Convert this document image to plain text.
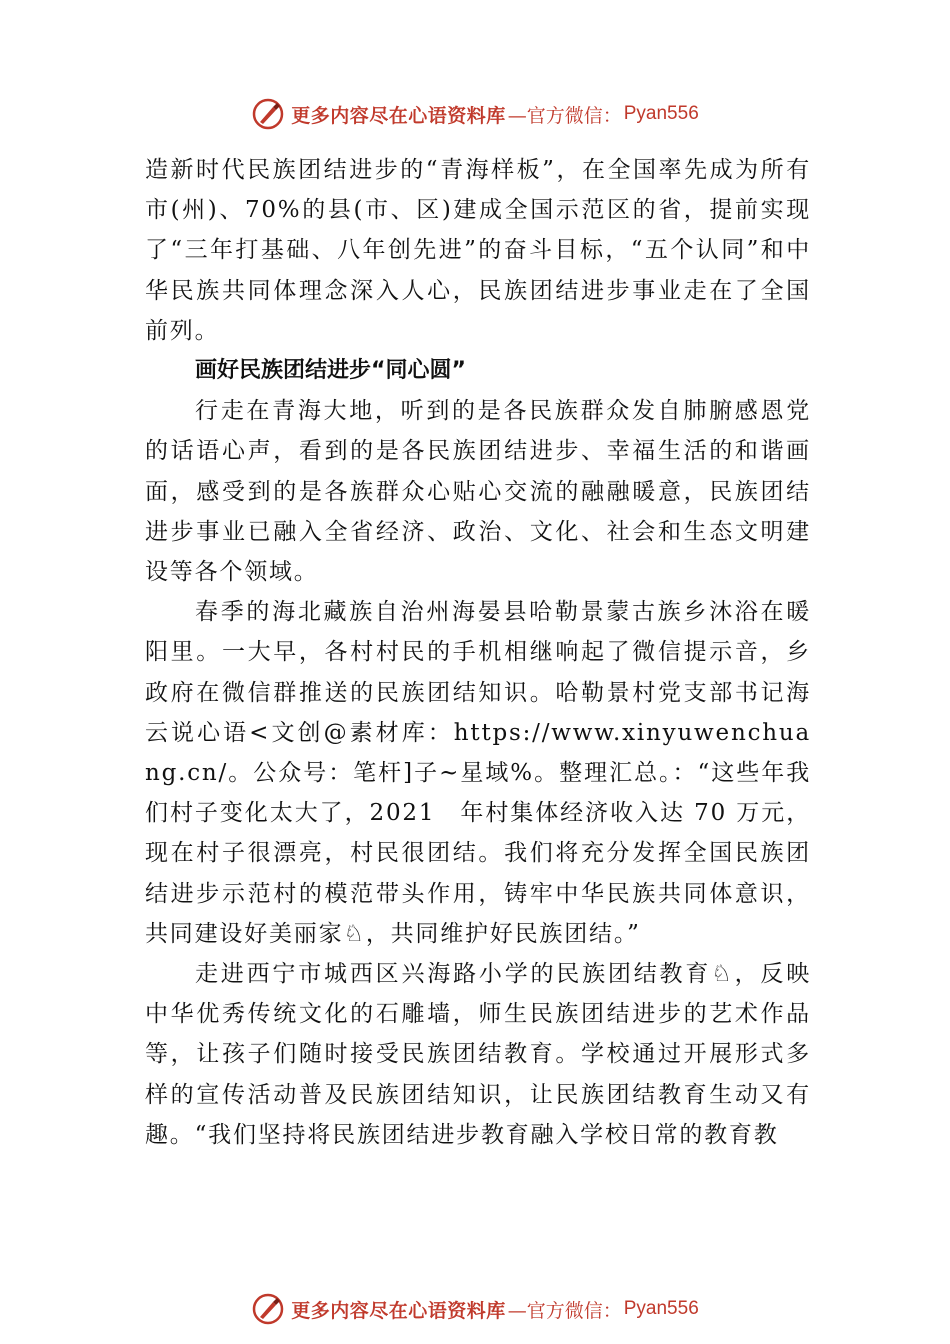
更多内容尽在心语资料库 —官方微信： Pyan556

造新时代民族团结进步的“青海样板”，在全国率先成为所有市(州)、70%的县(市、区)建成全国示范区的省，提前实现了“三年打基础、八年创先进”的奋斗目标，“五个认同”和中华民族共同体理念深入人心，民族团结进步事业走在了全国前列。

画好民族团结进步“同心圆”

行走在青海大地，听到的是各民族群众发自肺腑感恩党的话语心声，看到的是各民族团结进步、幸福生活的和谐画面，感受到的是各族群众心贴心交流的融融暖意，民族团结进步事业已融入全省经济、政治、文化、社会和生态文明建设等各个领域。

春季的海北藏族自治州海晏县哈勒景蒙古族乡沐浴在暖阳里。一大早，各村村民的手机相继响起了微信提示音，乡政府在微信群推送的民族团结知识。哈勒景村党支部书记海云说心语<文创@素材库：https://www.xinyuwenchuang.cn/。公众号：笔杆]子~星域%。整理汇总。：“这些年我们村子变化太大了，2021　年村集体经济收入达 70 万元，现在村子很漂亮，村民很团结。我们将充分发挥全国民族团结进步示范村的模范带头作用，铸牢中华民族共同体意识，共同建设好美丽家♘，共同维护好民族团结。”

走进西宁市城西区兴海路小学的民族团结教育♘，反映中华优秀传统文化的石雕墙，师生民族团结进步的艺术作品等，让孩子们随时接受民族团结教育。学校通过开展形式多样的宣传活动普及民族团结知识，让民族团结教育生动又有趣。“我们坚持将民族团结进步教育融入学校日常的教育教

更多内容尽在心语资料库 —官方微信： Pyan556
